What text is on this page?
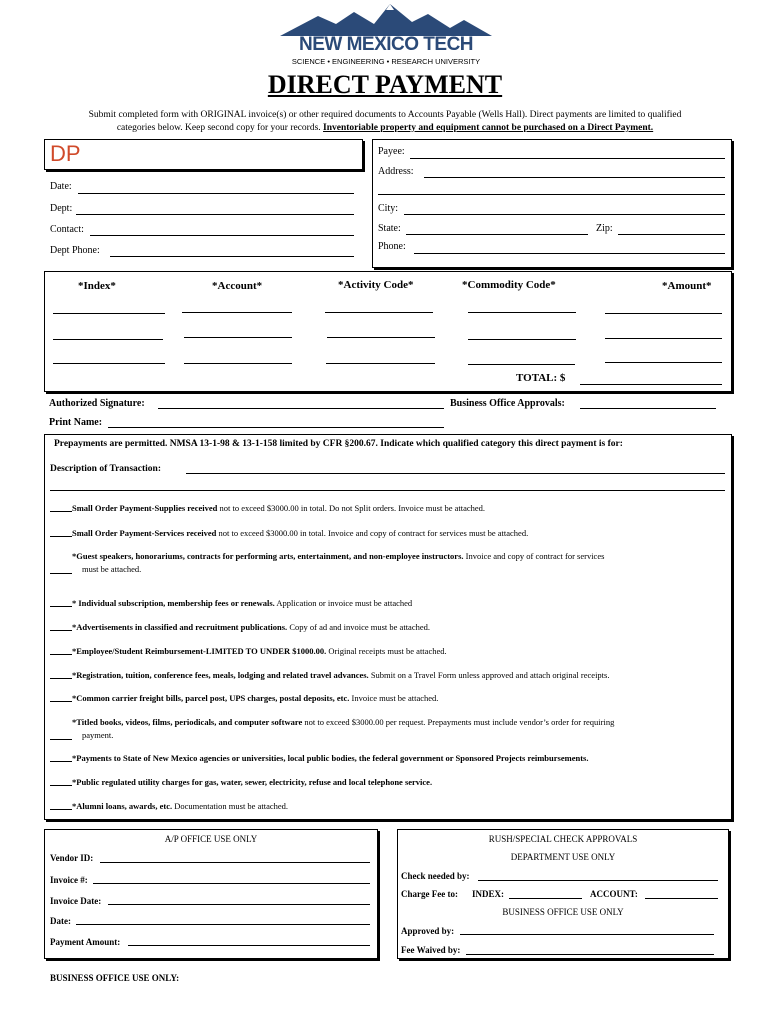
NEW MEXICO TECH
SCIENCE • ENGINEERING • RESEARCH UNIVERSITY
DIRECT PAYMENT
Submit completed form with ORIGINAL invoice(s) or other required documents to Accounts Payable (Wells Hall). Direct payments are limited to qualified
categories below. Keep second copy for your records. Inventoriable property and equipment cannot be purchased on a Direct Payment.
DP
Date:
Dept:
Contact:
Dept Phone:
Payee:
Address:
City:
State:	Zip:
Phone:
*Index*	*Account*	*Activity Code*	*Commodity Code*	*Amount*
TOTAL: $
Authorized Signature:	Business Office Approvals:
Print Name:
Prepayments are permitted. NMSA 13-1-98 & 13-1-158 limited by CFR §200.67. Indicate which qualified category this direct payment is for:
Description of Transaction:
Small Order Payment-Supplies received not to exceed $3000.00 in total. Do not Split orders. Invoice must be attached.
Small Order Payment-Services received not to exceed $3000.00 in total. Invoice and copy of contract for services must be attached.
*Guest speakers, honorariums, contracts for performing arts, entertainment, and non-employee instructors. Invoice and copy of contract for services
must be attached.
* Individual subscription, membership fees or renewals. Application or invoice must be attached
*Advertisements in classified and recruitment publications. Copy of ad and invoice must be attached.
*Employee/Student Reimbursement-LIMITED TO UNDER $1000.00. Original receipts must be attached.
*Registration, tuition, conference fees, meals, lodging and related travel advances. Submit on a Travel Form unless approved and attach original receipts.
*Common carrier freight bills, parcel post, UPS charges, postal deposits, etc. Invoice must be attached.
*Titled books, videos, films, periodicals, and computer software not to exceed $3000.00 per request. Prepayments must include vendor’s order for requiring
payment.
*Payments to State of New Mexico agencies or universities, local public bodies, the federal government or Sponsored Projects reimbursements.
*Public regulated utility charges for gas, water, sewer, electricity, refuse and local telephone service.
*Alumni loans, awards, etc. Documentation must be attached.
A/P OFFICE USE ONLY
Vendor ID:
Invoice #:
Invoice Date:
Date:
Payment Amount:
RUSH/SPECIAL CHECK APPROVALS
DEPARTMENT USE ONLY
Check needed by:
Charge Fee to: INDEX:	ACCOUNT:
BUSINESS OFFICE USE ONLY
Approved by:
Fee Waived by:
BUSINESS OFFICE USE ONLY:
